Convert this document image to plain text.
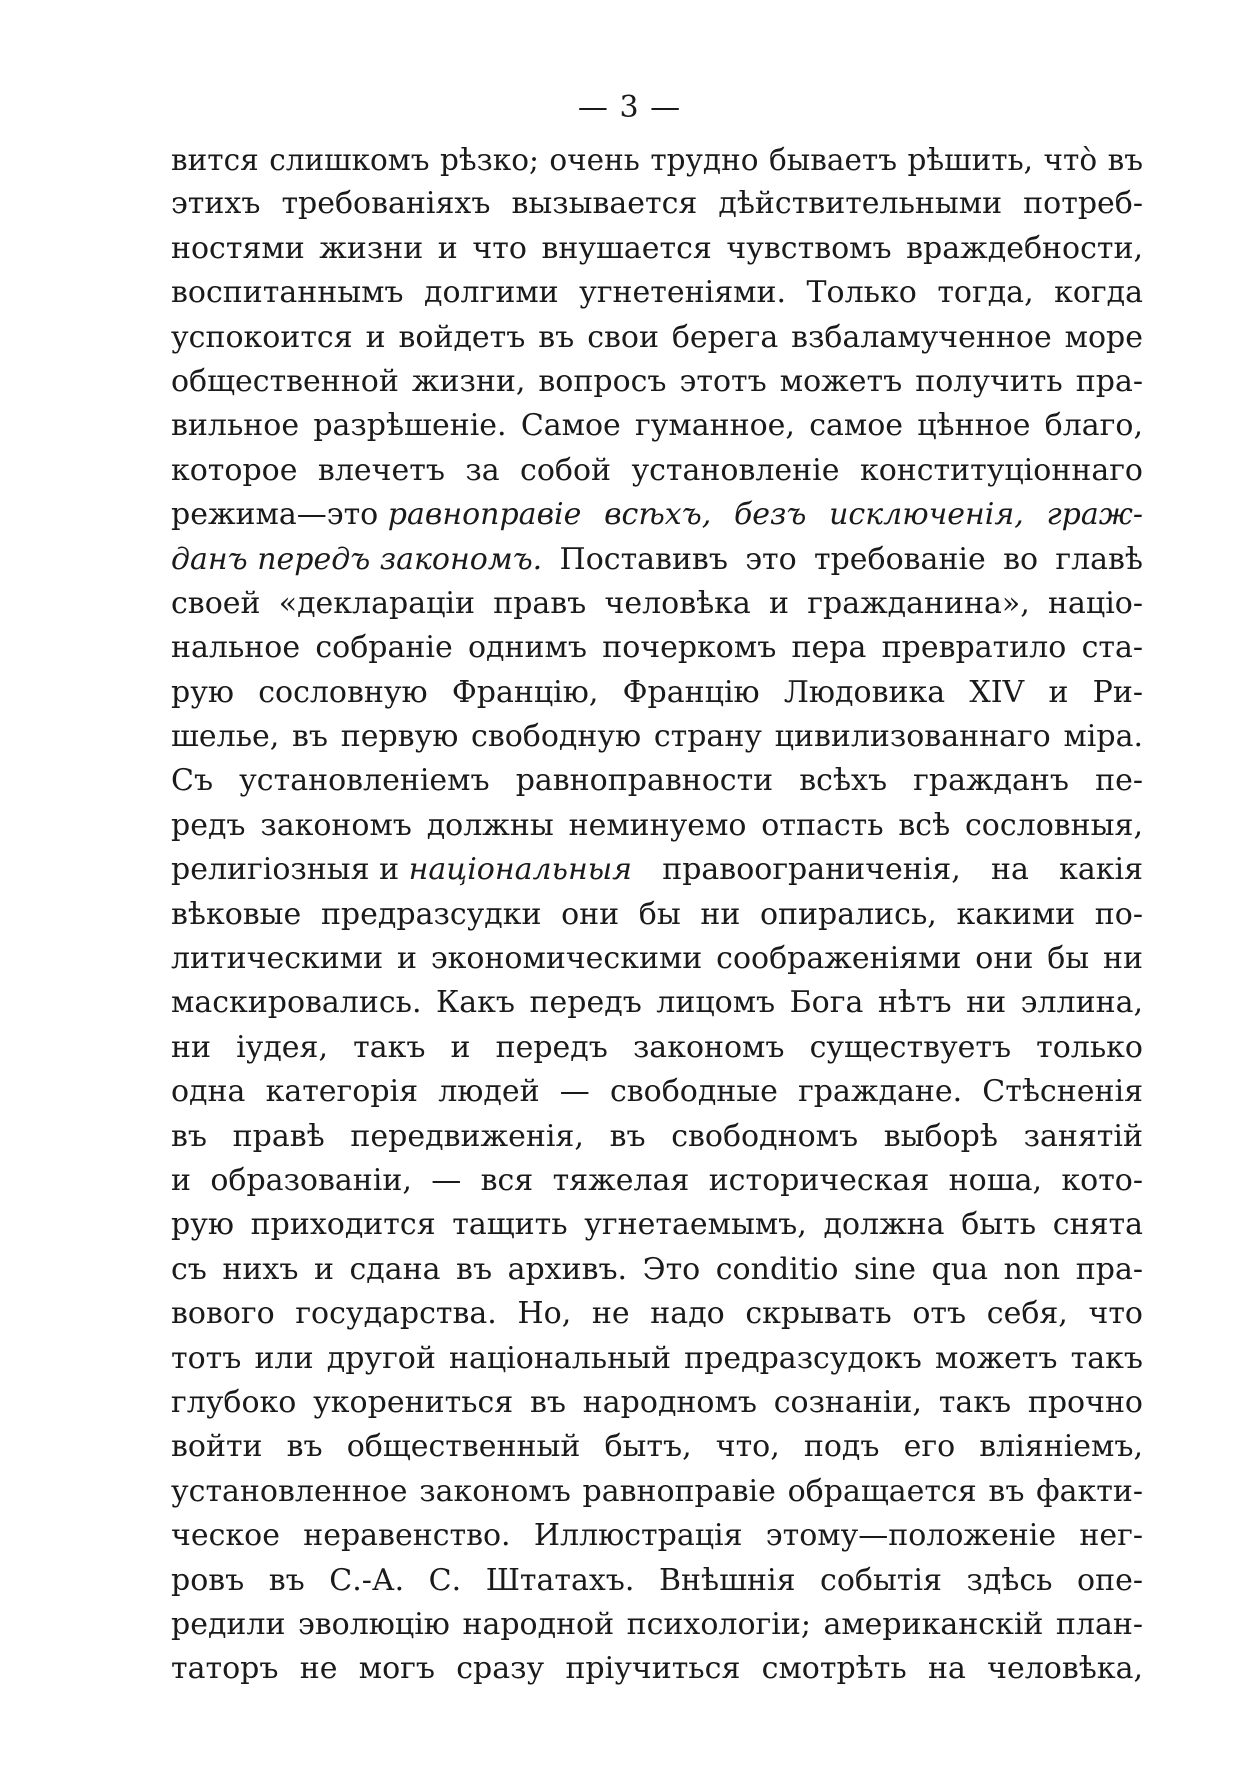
— 3 —
вится слишкомъ рѣзко; очень трудно бываетъ рѣшить, что̀ въ
этихъ требованіяхъ вызывается дѣйствительными потреб-
ностями жизни и что внушается чувствомъ враждебности,
воспитаннымъ долгими угнетеніями. Только тогда, когда
успокоится и войдетъ въ свои берега взбаламученное море
общественной жизни, вопросъ этотъ можетъ получить пра-
вильное разрѣшеніе. Самое гуманное, самое цѣнное благо,
которое влечетъ за собой установленіе конституціоннаго
режима—это равноправіе всѣхъ, безъ исключенія, граж-
данъ передъ закономъ. Поставивъ это требованіе во главѣ
своей «деклараціи правъ человѣка и гражданина», націо-
нальное собраніе однимъ почеркомъ пера превратило ста-
рую сословную Францію, Францію Людовика XIV и Ри-
шелье, въ первую свободную страну цивилизованнаго міра.
Съ установленіемъ равноправности всѣхъ гражданъ пе-
редъ закономъ должны неминуемо отпасть всѣ сословныя,
религіозныя и національныя правоограниченія, на какія
вѣковые предразсудки они бы ни опирались, какими по-
литическими и экономическими соображеніями они бы ни
маскировались. Какъ передъ лицомъ Бога нѣтъ ни эллина,
ни іудея, такъ и передъ закономъ существуетъ только
одна категорія людей — свободные граждане. Стѣсненія
въ правѣ передвиженія, въ свободномъ выборѣ занятій
и образованіи, — вся тяжелая историческая ноша, кото-
рую приходится тащить угнетаемымъ, должна быть снята
съ нихъ и сдана въ архивъ. Это conditio sine qua non пра-
вового государства. Но, не надо скрывать отъ себя, что
тотъ или другой національный предразсудокъ можетъ такъ
глубоко укорениться въ народномъ сознаніи, такъ прочно
войти въ общественный бытъ, что, подъ его вліяніемъ,
установленное закономъ равноправіе обращается въ факти-
ческое неравенство. Иллюстрація этому—положеніе нег-
ровъ въ С.-А. С. Штатахъ. Внѣшнія событія здѣсь опе-
редили эволюцію народной психологіи; американскій план-
таторъ не могъ сразу пріучиться смотрѣть на человѣка,
